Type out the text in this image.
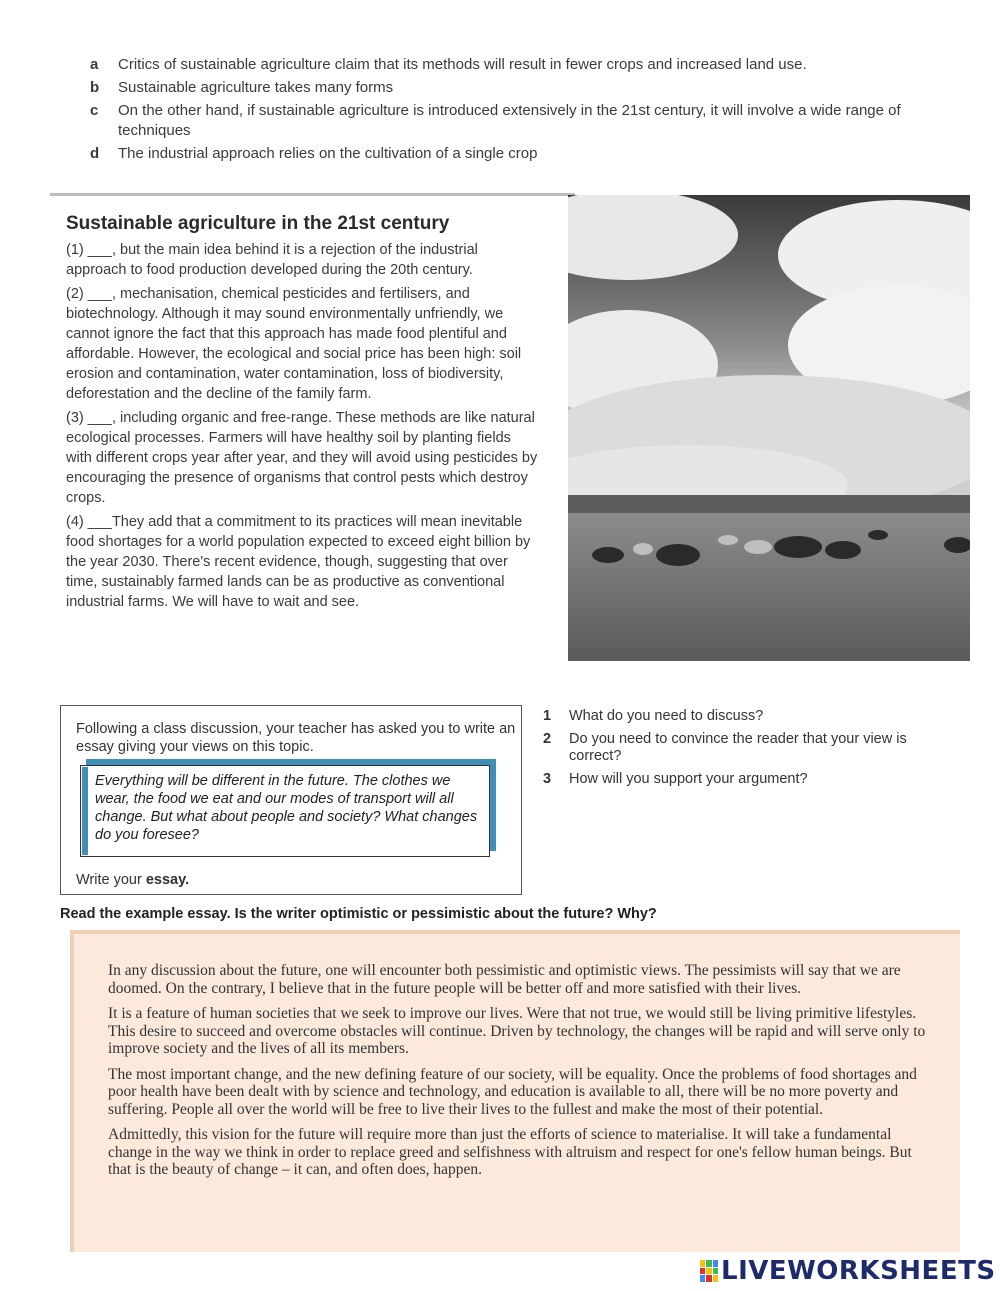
a	Critics of sustainable agriculture claim that its methods will result in fewer crops and increased land use.
b	Sustainable agriculture takes many forms
c	On the other hand, if sustainable agriculture is introduced extensively in the 21st century, it will involve a wide range of techniques
d	The industrial approach relies on the cultivation of a single crop
Sustainable agriculture in the 21st century

(1) ___, but the main idea behind it is a rejection of the industrial approach to food production developed during the 20th century.

(2) ___, mechanisation, chemical pesticides and fertilisers, and biotechnology. Although it may sound environmentally unfriendly, we cannot ignore the fact that this approach has made food plentiful and affordable. However, the ecological and social price has been high: soil erosion and contamination, water contamination, loss of biodiversity, deforestation and the decline of the family farm.

(3) ___, including organic and free-range. These methods are like natural ecological processes. Farmers will have healthy soil by planting fields with different crops year after year, and they will avoid using pesticides by encouraging the presence of organisms that control pests which destroy crops.

(4) ___They add that a commitment to its practices will mean inevitable food shortages for a world population expected to exceed eight billion by the year 2030. There's recent evidence, though, suggesting that over time, sustainably farmed lands can be as productive as conventional industrial farms. We will have to wait and see.

Following a class discussion, your teacher has asked you to write an essay giving your views on this topic.
Everything will be different in the future. The clothes we wear, the food we eat and our modes of transport will all change. But what about people and society? What changes do you foresee?
Write your essay.
1	What do you need to discuss?
2	Do you need to convince the reader that your view is correct?
3	How will you support your argument?
Read the example essay. Is the writer optimistic or pessimistic about the future? Why?

In any discussion about the future, one will encounter both pessimistic and optimistic views. The pessimists will say that we are doomed. On the contrary, I believe that in the future people will be better off and more satisfied with their lives.

It is a feature of human societies that we seek to improve our lives. Were that not true, we would still be living primitive lifestyles. This desire to succeed and overcome obstacles will continue. Driven by technology, the changes will be rapid and will serve only to improve society and the lives of all its members.

The most important change, and the new defining feature of our society, will be equality. Once the problems of food shortages and poor health have been dealt with by science and technology, and education is available to all, there will be no more poverty and suffering. People all over the world will be free to live their lives to the fullest and make the most of their potential.

Admittedly, this vision for the future will require more than just the efforts of science to materialise. It will take a fundamental change in the way we think in order to replace greed and selfishness with altruism and respect for one's fellow human beings. But that is the beauty of change – it can, and often does, happen.

LIVEWORKSHEETS
